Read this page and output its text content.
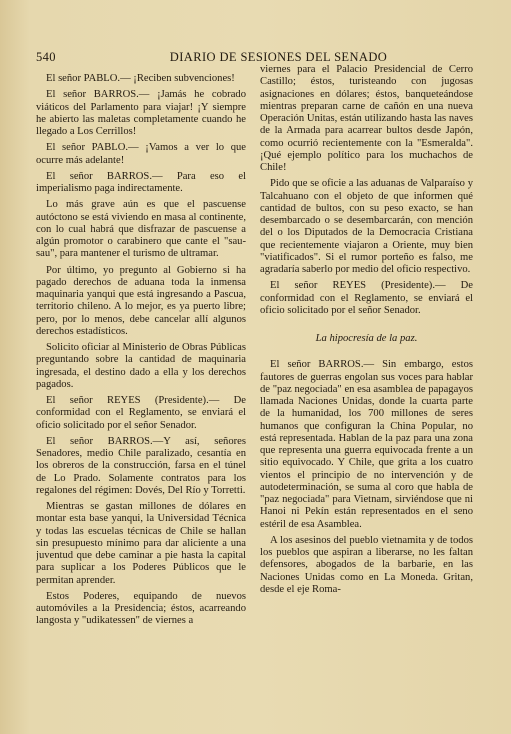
540	DIARIO DE SESIONES DEL SENADO

El señor PABLO.— ¡Reciben subvenciones!

El señor BARROS.— ¡Jamás he cobrado viáticos del Parlamento para viajar! ¡Y siempre he abierto las maletas completamente cuando he llegado a Los Cerrillos!

El señor PABLO.— ¡Vamos a ver lo que ocurre más adelante!

El señor BARROS.— Para eso el imperialismo paga indirectamente.

Lo más grave aún es que el pascuense autóctono se está viviendo en masa al continente, con lo cual habrá que disfrazar de pascuense a algún promotor o carabinero que cante el "sau-sau", para mantener el turismo de ultramar.

Por último, yo pregunto al Gobierno si ha pagado derechos de aduana toda la inmensa maquinaria yanqui que está ingresando a Pascua, territorio chileno. A lo mejor, es ya puerto libre; pero, por lo menos, debe cancelar allí algunos derechos estadísticos.

Solicito oficiar al Ministerio de Obras Públicas preguntando sobre la cantidad de maquinaria ingresada, el destino dado a ella y los derechos pagados.

El señor REYES (Presidente).— De conformidad con el Reglamento, se enviará el oficio solicitado por el señor Senador.

El señor BARROS.—Y así, señores Senadores, medio Chile paralizado, cesantía en los obreros de la construcción, farsa en el túnel de Lo Prado. Solamente contratos para los regalones del régimen: Dovés, Del Río y Torretti.

Mientras se gastan millones de dólares en montar esta base yanqui, la Universidad Técnica y todas las escuelas técnicas de Chile se hallan sin presupuesto mínimo para dar aliciente a una juventud que debe caminar a pie hasta la capital para suplicar a los Poderes Públicos que le permitan aprender.

Estos Poderes, equipando de nuevos automóviles a la Presidencia; éstos, acarreando langosta y "udikatessen" de viernes a

viernes para el Palacio Presidencial de Cerro Castillo; éstos, turisteando con jugosas asignaciones en dólares; éstos, banqueteándose mientras preparan carne de cañón en una nueva Operación Unitas, están utilizando hasta las naves de la Armada para acarrear bultos desde Japón, como ocurrió recientemente con la "Esmeralda". ¡Qué ejemplo político para los muchachos de Chile!

Pido que se oficie a las aduanas de Valparaíso y Talcahuano con el objeto de que informen qué cantidad de bultos, con su peso exacto, se han desembarcado o se desembarcarán, con mención del o los Diputados de la Democracia Cristiana que recientemente viajaron a Oriente, muy bien "viatificados". Si el rumor porteño es falso, me agradaría saberlo por medio del oficio respectivo.

El señor REYES (Presidente).— De conformidad con el Reglamento, se enviará el oficio solicitado por el señor Senador.

La hipocresía de la paz.

El señor BARROS.— Sin embargo, estos fautores de guerras engolan sus voces para hablar de "paz negociada" en esa asamblea de papagayos llamada Naciones Unidas, donde la cuarta parte de la humanidad, los 700 millones de seres humanos que configuran la China Popular, no está representada. Hablan de la paz para una zona que representa una guerra equivocada frente a un sitio equivocado. Y Chile, que grita a los cuatro vientos el principio de no intervención y de autodeterminación, se suma al coro que habla de "paz negociada" para Vietnam, sirviéndose que ni Hanoi ni Pekín están representados en el seno estéril de esa Asamblea.

A los asesinos del pueblo vietnamita y de todos los pueblos que aspiran a liberarse, no les faltan defensores, abogados de la barbarie, en las Naciones Unidas como en La Moneda. Gritan, desde el eje Roma-
